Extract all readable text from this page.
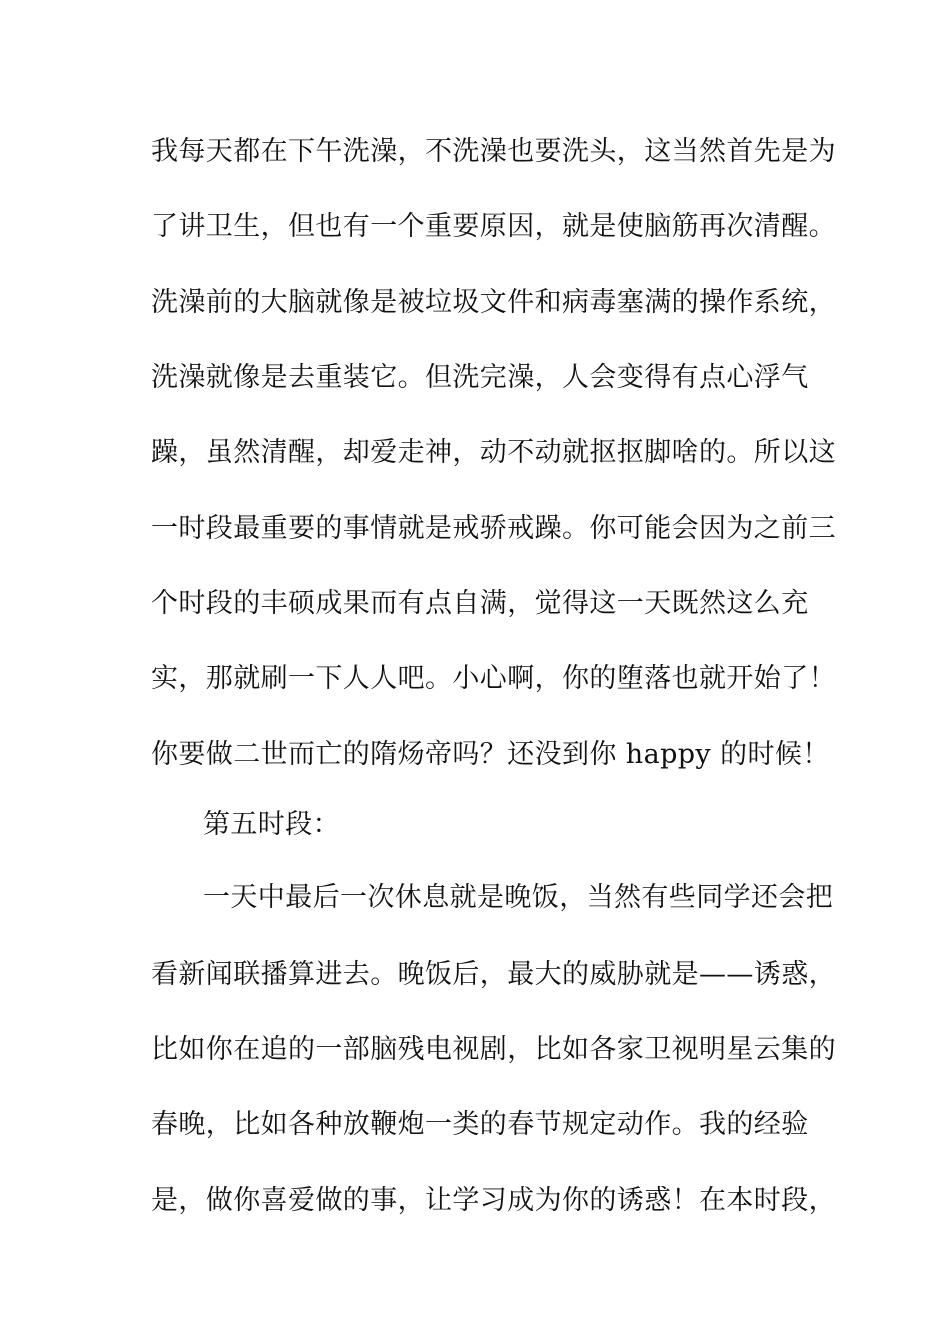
我每天都在下午洗澡，不洗澡也要洗头，这当然首先是为
了讲卫生，但也有一个重要原因，就是使脑筋再次清醒。
洗澡前的大脑就像是被垃圾文件和病毒塞满的操作系统，
洗澡就像是去重装它。但洗完澡，人会变得有点心浮气
躁，虽然清醒，却爱走神，动不动就抠抠脚啥的。所以这
一时段最重要的事情就是戒骄戒躁。你可能会因为之前三
个时段的丰硕成果而有点自满，觉得这一天既然这么充
实，那就刷一下人人吧。小心啊，你的堕落也就开始了！
你要做二世而亡的隋炀帝吗？还没到你 happy 的时候！
第五时段：
一天中最后一次休息就是晚饭，当然有些同学还会把
看新闻联播算进去。晚饭后，最大的威胁就是——诱惑，
比如你在追的一部脑残电视剧，比如各家卫视明星云集的
春晚，比如各种放鞭炮一类的春节规定动作。我的经验
是，做你喜爱做的事，让学习成为你的诱惑！在本时段，
